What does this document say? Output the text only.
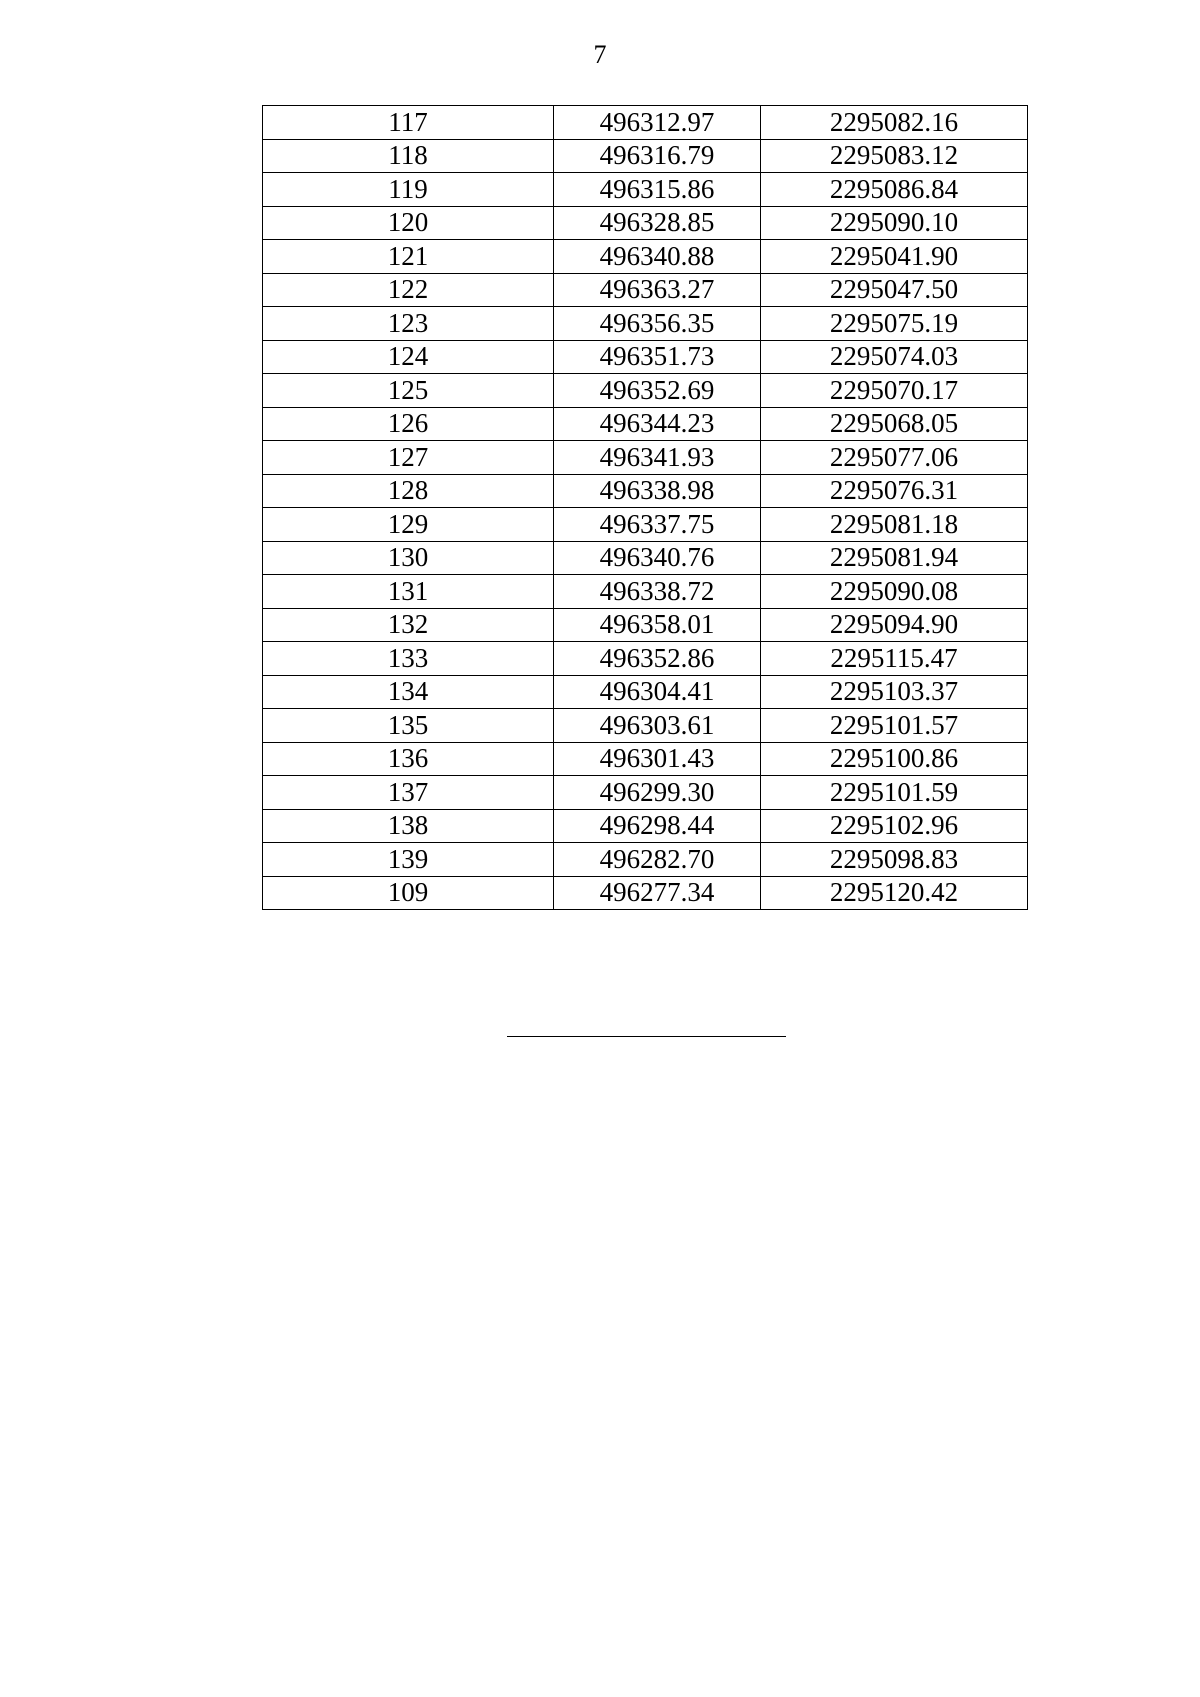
7
117	496312.97	2295082.16
118	496316.79	2295083.12
119	496315.86	2295086.84
120	496328.85	2295090.10
121	496340.88	2295041.90
122	496363.27	2295047.50
123	496356.35	2295075.19
124	496351.73	2295074.03
125	496352.69	2295070.17
126	496344.23	2295068.05
127	496341.93	2295077.06
128	496338.98	2295076.31
129	496337.75	2295081.18
130	496340.76	2295081.94
131	496338.72	2295090.08
132	496358.01	2295094.90
133	496352.86	2295115.47
134	496304.41	2295103.37
135	496303.61	2295101.57
136	496301.43	2295100.86
137	496299.30	2295101.59
138	496298.44	2295102.96
139	496282.70	2295098.83
109	496277.34	2295120.42
